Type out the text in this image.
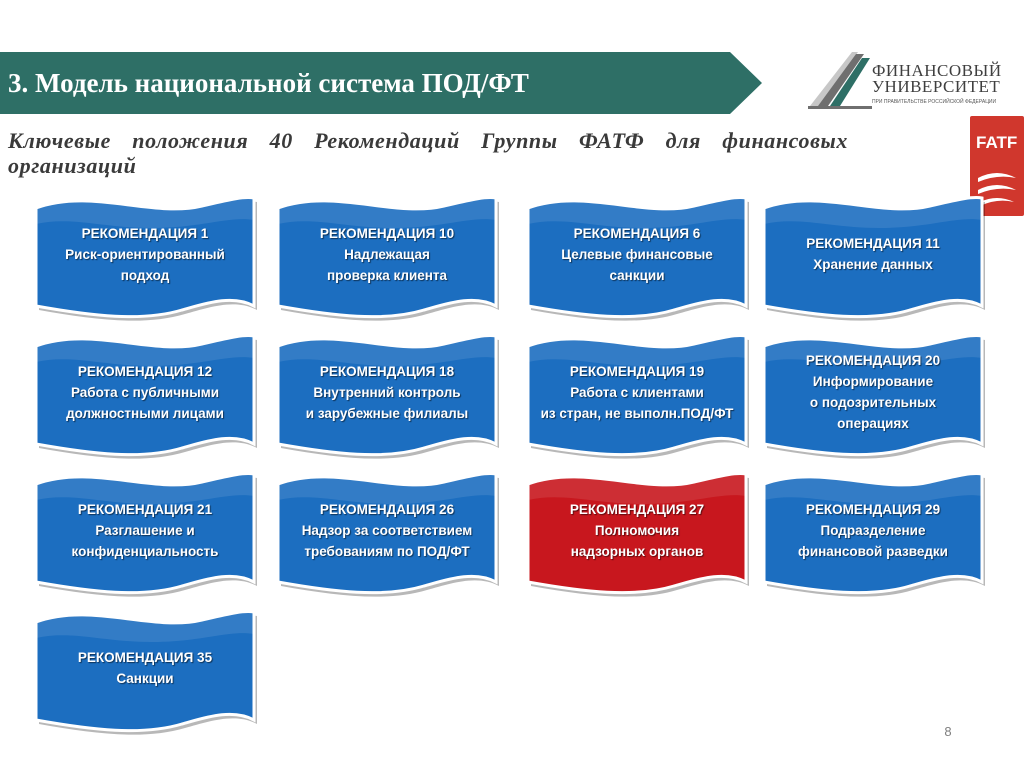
3. Модель национальной система ПОД/ФТ	ФИНАНСОВЫЙ
УНИВЕРСИТЕТ
ПРИ ПРАВИТЕЛЬСТВЕ РОССИЙСКОЙ ФЕДЕРАЦИИ
FATF
Ключевые положения 40 Рекомендаций Группы ФАТФ для финансовых организаций
РЕКОМЕНДАЦИЯ 1
Риск-ориентированный
подход
РЕКОМЕНДАЦИЯ 10
Надлежащая
проверка клиента
РЕКОМЕНДАЦИЯ 6
Целевые финансовые
санкции
РЕКОМЕНДАЦИЯ 11
Хранение данных
РЕКОМЕНДАЦИЯ 12
Работа с публичными
должностными лицами
РЕКОМЕНДАЦИЯ 18
Внутренний контроль
и зарубежные филиалы
РЕКОМЕНДАЦИЯ 19
Работа с клиентами
из стран, не выполн.ПОД/ФТ
РЕКОМЕНДАЦИЯ 20
Информирование
о подозрительных
операциях
РЕКОМЕНДАЦИЯ 21
Разглашение и
конфиденциальность
РЕКОМЕНДАЦИЯ 26
Надзор за соответствием
требованиям по ПОД/ФТ
РЕКОМЕНДАЦИЯ 27
Полномочия
надзорных органов
РЕКОМЕНДАЦИЯ 29
Подразделение
финансовой разведки
РЕКОМЕНДАЦИЯ 35
Санкции
8
